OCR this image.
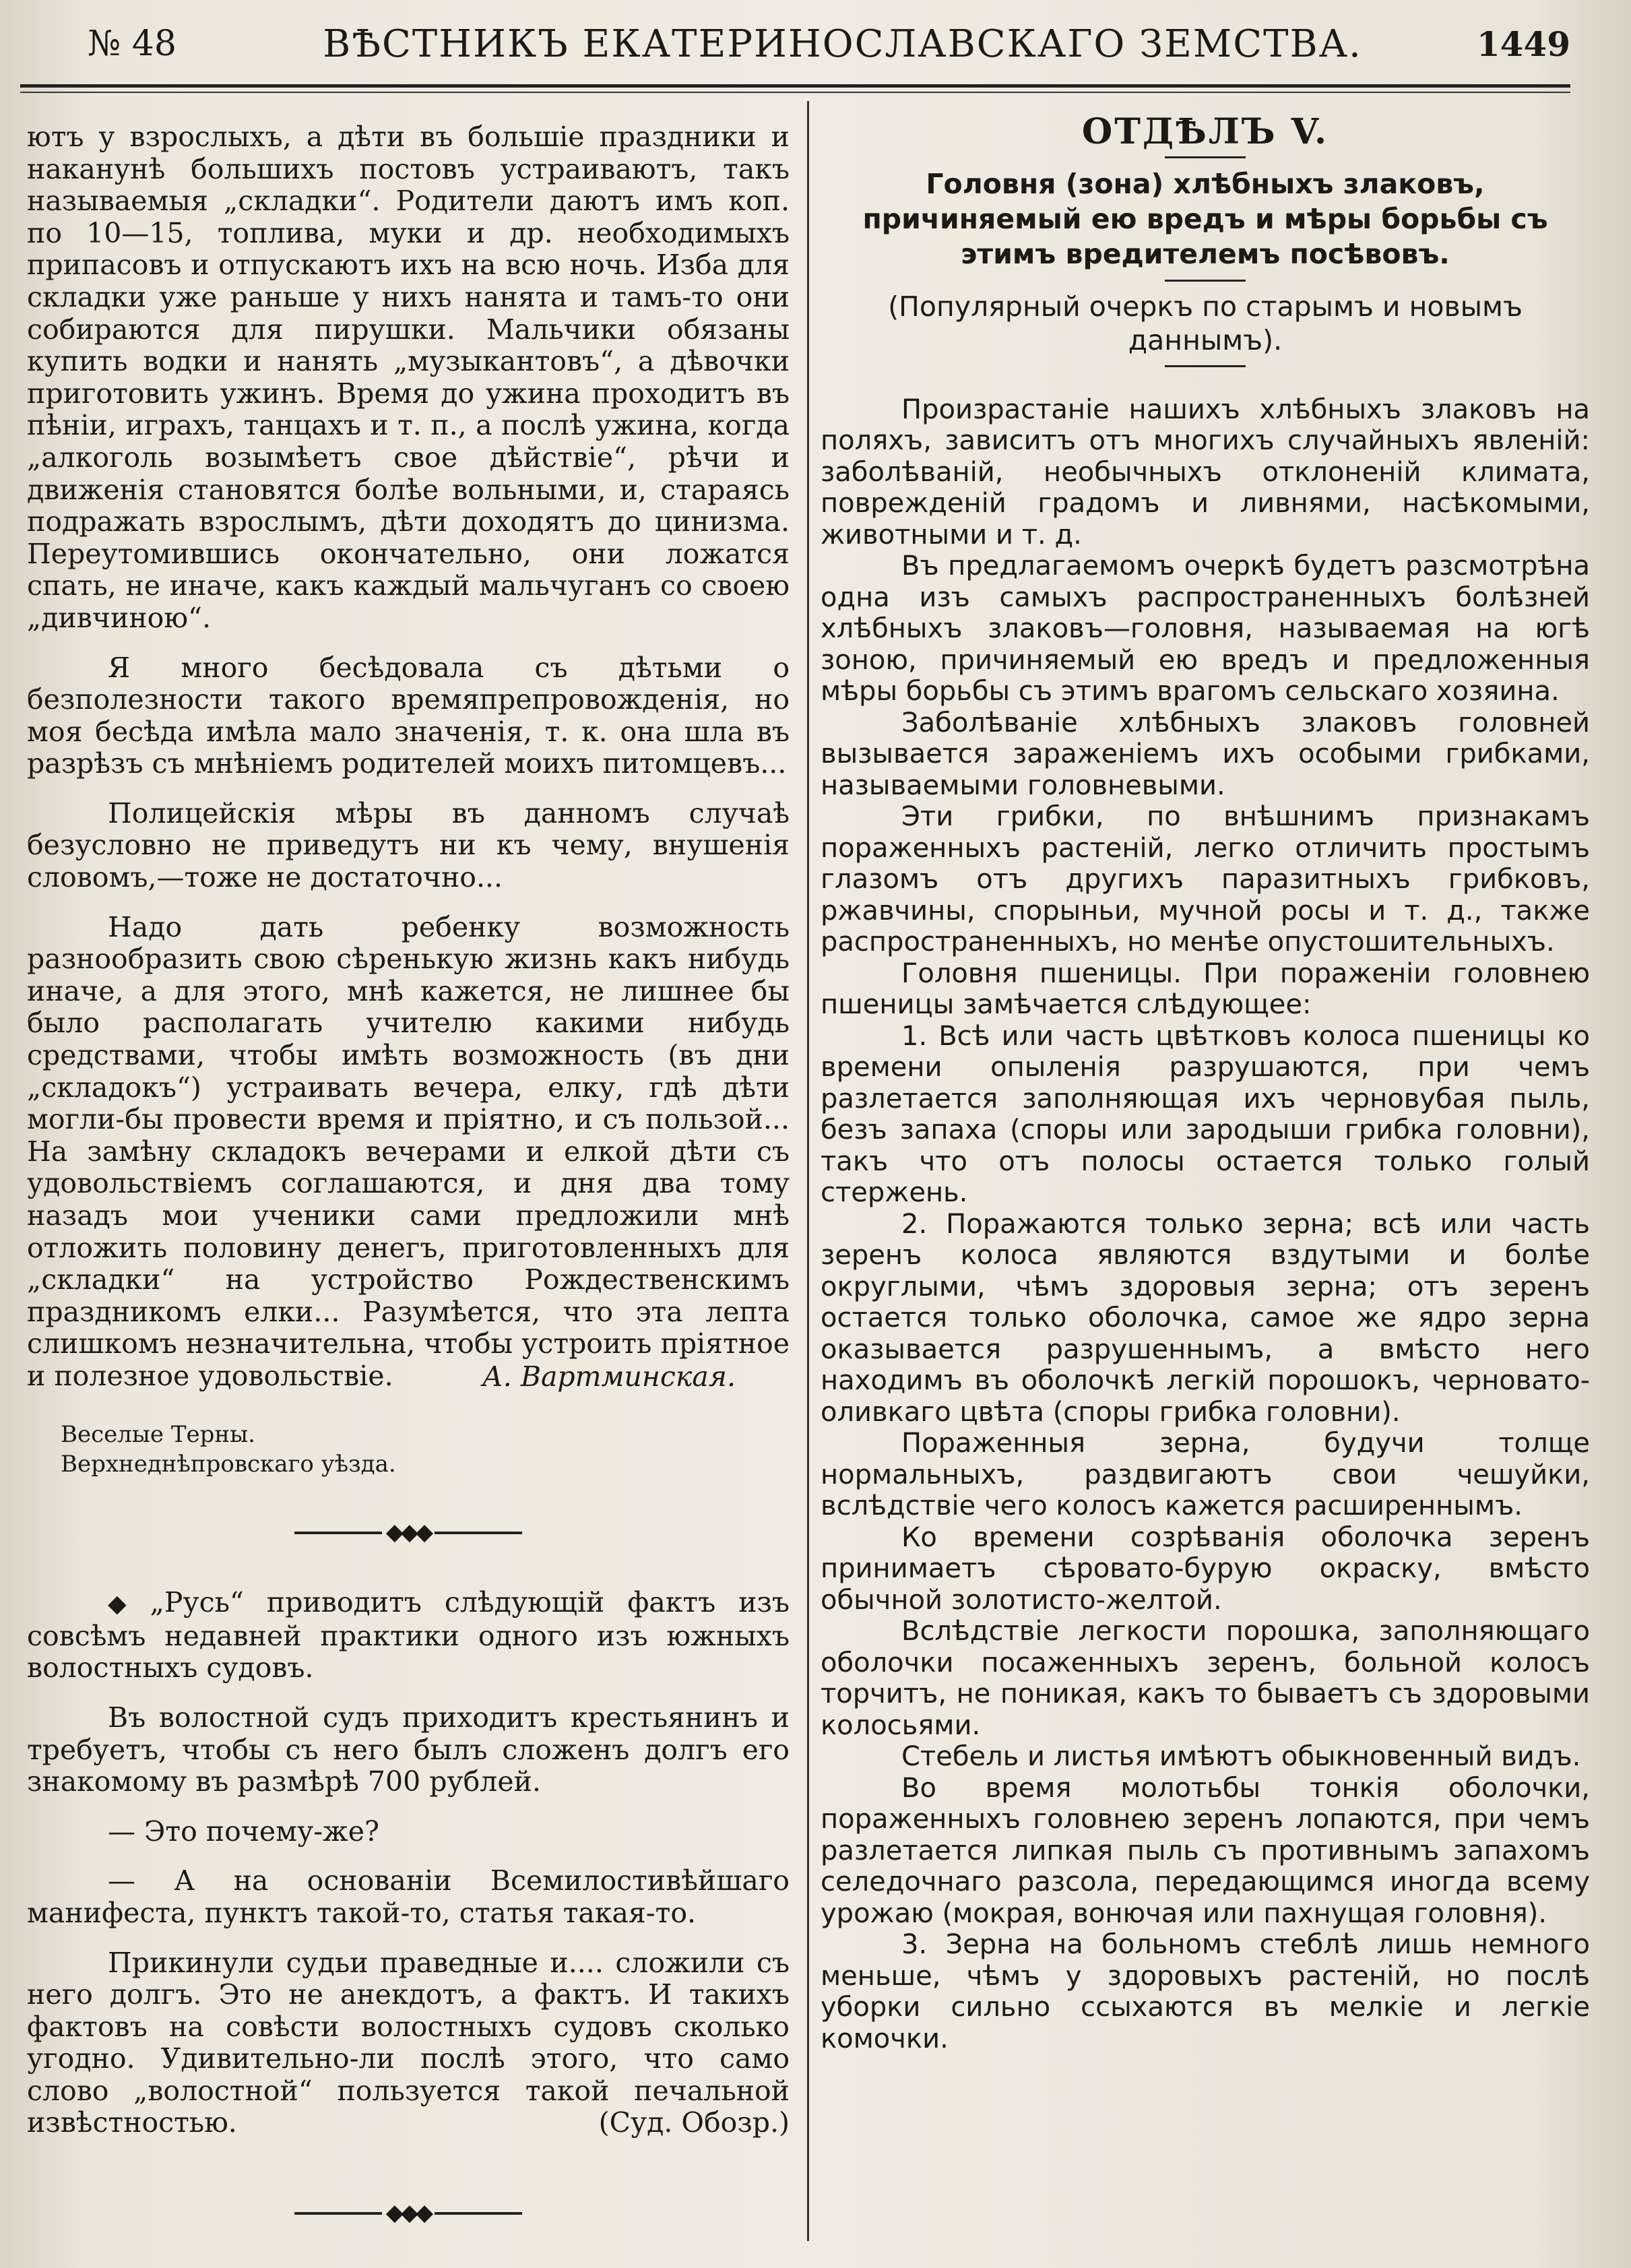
№ 48	ВѢСТНИКЪ ЕКАТЕРИНОСЛАВСКАГО ЗЕМСТВА.	1449

ютъ у взрослыхъ, а дѣти въ большіе праздники и наканунѣ большихъ постовъ устраиваютъ, такъ называемыя „складки“. Родители даютъ имъ коп. по 10—15, топлива, муки и др. необходимыхъ припасовъ и отпускаютъ ихъ на всю ночь. Изба для складки уже раньше у нихъ нанята и тамъ-то они собираются для пирушки. Мальчики обязаны купить водки и нанять „музыкантовъ“, а дѣвочки приготовить ужинъ. Время до ужина проходитъ въ пѣніи, играхъ, танцахъ и т. п., а послѣ ужина, когда „алкоголь возымѣетъ свое дѣйствіе“, рѣчи и движенія становятся болѣе вольными, и, стараясь подражать взрослымъ, дѣти доходятъ до цинизма. Переутомившись окончательно, они ложатся спать, не иначе, какъ каждый мальчуганъ со своею „дивчиною“.

Я много бесѣдовала съ дѣтьми о безполезности такого времяпрепровожденія, но моя бесѣда имѣла мало значенія, т. к. она шла въ разрѣзъ съ мнѣніемъ родителей моихъ питомцевъ...

Полицейскія мѣры въ данномъ случаѣ безусловно не приведутъ ни къ чему, внушенія словомъ,—тоже не достаточно...

Надо дать ребенку возможность разнообразить свою сѣренькую жизнь какъ нибудь иначе, а для этого, мнѣ кажется, не лишнее бы было располагать учителю какими нибудь средствами, чтобы имѣть возможность (въ дни „складокъ“) устраивать вечера, елку, гдѣ дѣти могли-бы провести время и пріятно, и съ пользой... На замѣну складокъ вечерами и елкой дѣти съ удовольствіемъ соглашаются, и дня два тому назадъ мои ученики сами предложили мнѣ отложить половину денегъ, приготовленныхъ для „складки“ на устройство Рождественскимъ праздникомъ елки... Разумѣется, что эта лепта слишкомъ незначительна, чтобы устроить пріятное и полезное удовольствіе.	А. Вартминская.

Веселые Терны.

Верхнеднѣпровскаго уѣзда.

◆◆◆

◆ „Русь“ приводитъ слѣдующій фактъ изъ совсѣмъ недавней практики одного изъ южныхъ волостныхъ судовъ.

Въ волостной судъ приходитъ крестьянинъ и требуетъ, чтобы съ него былъ сложенъ долгъ его знакомому въ размѣрѣ 700 рублей.

— Это почему-же?

— А на основаніи Всемилостивѣйшаго манифеста, пунктъ такой-то, статья такая-то.

Прикинули судьи праведные и.... сложили съ него долгъ. Это не анекдотъ, а фактъ. И такихъ фактовъ на совѣсти волостныхъ судовъ сколько угодно. Удивительно-ли послѣ этого, что само слово „волостной“ пользуется такой печальной извѣстностью.	(Суд. Обозр.)

◆◆◆

ОТДѢЛЪ V.

Головня (зона) хлѣбныхъ злаковъ, причиняемый ею вредъ и мѣры борьбы съ этимъ вредителемъ посѣвовъ.

(Популярный очеркъ по старымъ и новымъ даннымъ).

Произрастаніе нашихъ хлѣбныхъ злаковъ на поляхъ, зависитъ отъ многихъ случайныхъ явленій: заболѣваній, необычныхъ отклоненій климата, поврежденій градомъ и ливнями, насѣкомыми, животными и т. д.

Въ предлагаемомъ очеркѣ будетъ разсмотрѣна одна изъ самыхъ распространенныхъ болѣзней хлѣбныхъ злаковъ—головня, называемая на югѣ зоною, причиняемый ею вредъ и предложенныя мѣры борьбы съ этимъ врагомъ сельскаго хозяина.

Заболѣваніе хлѣбныхъ злаковъ головней вызывается зараженіемъ ихъ особыми грибками, называемыми головневыми.

Эти грибки, по внѣшнимъ признакамъ пораженныхъ растеній, легко отличить простымъ глазомъ отъ другихъ паразитныхъ грибковъ, ржавчины, спорыньи, мучной росы и т. д., также распространенныхъ, но менѣе опустошительныхъ.

Головня пшеницы. При пораженіи головнею пшеницы замѣчается слѣдующее:

1. Всѣ или часть цвѣтковъ колоса пшеницы ко времени опыленія разрушаются, при чемъ разлетается заполняющая ихъ черновубая пыль, безъ запаха (споры или зародыши грибка головни), такъ что отъ полосы остается только голый стержень.

2. Поражаются только зерна; всѣ или часть зеренъ колоса являются вздутыми и болѣе округлыми, чѣмъ здоровыя зерна; отъ зеренъ остается только оболочка, самое же ядро зерна оказывается разрушеннымъ, а вмѣсто него находимъ въ оболочкѣ легкій порошокъ, черновато-оливкаго цвѣта (споры грибка головни).

Пораженныя зерна, будучи толще нормальныхъ, раздвигаютъ свои чешуйки, вслѣдствіе чего колосъ кажется расширеннымъ.

Ко времени созрѣванія оболочка зеренъ принимаетъ сѣровато-бурую окраску, вмѣсто обычной золотисто-желтой.

Вслѣдствіе легкости порошка, заполняющаго оболочки посаженныхъ зеренъ, больной колосъ торчитъ, не поникая, какъ то бываетъ съ здоровыми колосьями.

Стебель и листья имѣютъ обыкновенный видъ.

Во время молотьбы тонкія оболочки, пораженныхъ головнею зеренъ лопаются, при чемъ разлетается липкая пыль съ противнымъ запахомъ селедочнаго разсола, передающимся иногда всему урожаю (мокрая, вонючая или пахнущая головня).

3. Зерна на больномъ стеблѣ лишь немного меньше, чѣмъ у здоровыхъ растеній, но послѣ уборки сильно ссыхаются въ мелкіе и легкіе комочки.
